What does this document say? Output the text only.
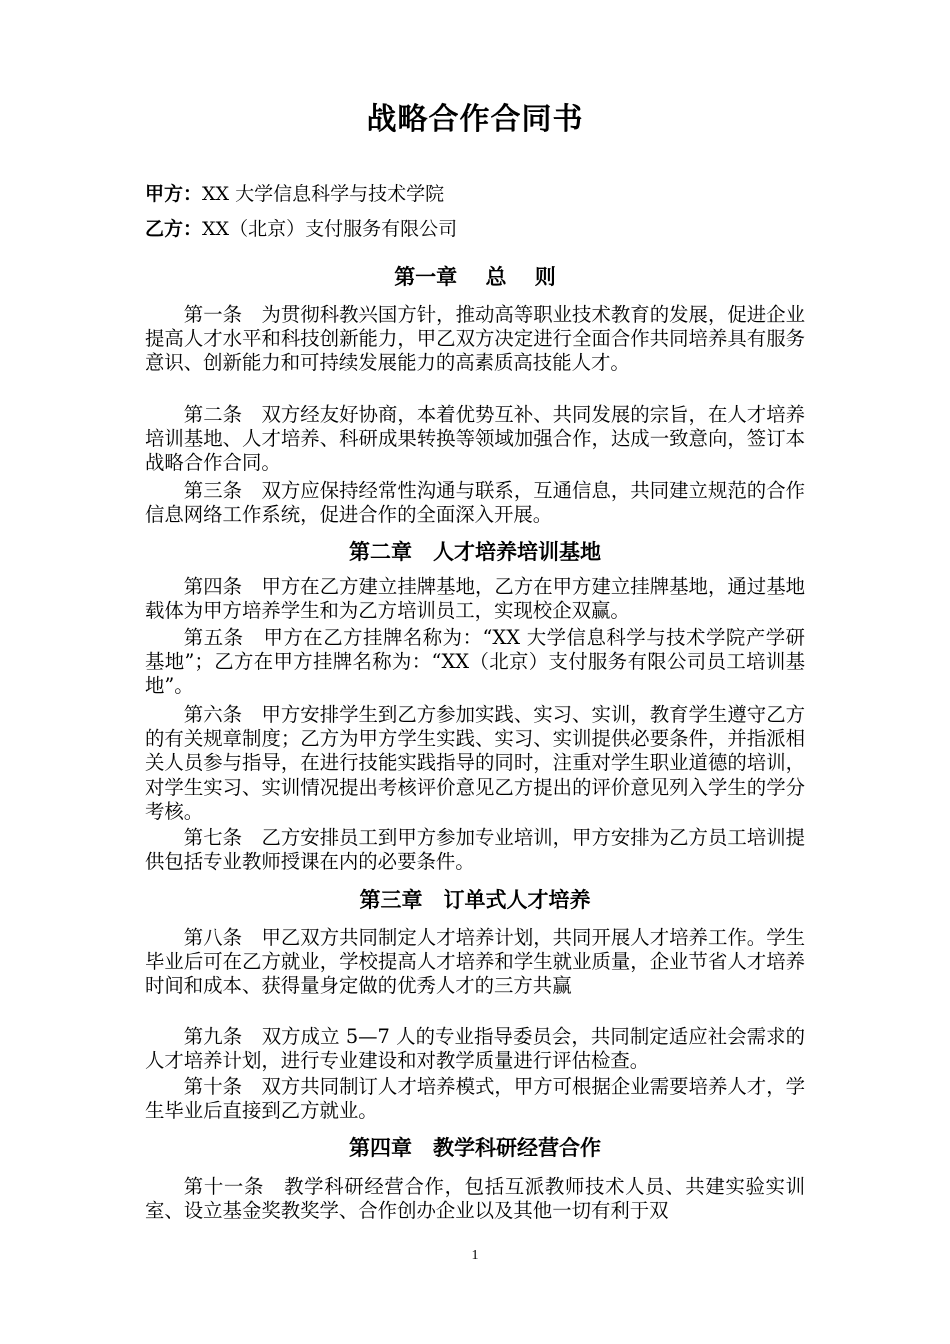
战略合作合同书
甲方：XX 大学信息科学与技术学院
乙方：XX（北京）支付服务有限公司
第一章　 总　 则
第一条　为贯彻科教兴国方针，推动高等职业技术教育的发展，促进企业提高人才水平和科技创新能力，甲乙双方决定进行全面合作共同培养具有服务意识、创新能力和可持续发展能力的高素质高技能人才。
第二条　双方经友好协商，本着优势互补、共同发展的宗旨，在人才培养培训基地、人才培养、科研成果转换等领域加强合作，达成一致意向，签订本战略合作合同。
第三条　双方应保持经常性沟通与联系，互通信息，共同建立规范的合作信息网络工作系统，促进合作的全面深入开展。
第二章　人才培养培训基地
第四条　甲方在乙方建立挂牌基地，乙方在甲方建立挂牌基地，通过基地载体为甲方培养学生和为乙方培训员工，实现校企双赢。
第五条　甲方在乙方挂牌名称为：“XX 大学信息科学与技术学院产学研基地”；乙方在甲方挂牌名称为：“XX（北京）支付服务有限公司员工培训基地”。
第六条　甲方安排学生到乙方参加实践、实习、实训，教育学生遵守乙方的有关规章制度；乙方为甲方学生实践、实习、实训提供必要条件，并指派相关人员参与指导，在进行技能实践指导的同时，注重对学生职业道德的培训，对学生实习、实训情况提出考核评价意见乙方提出的评价意见列入学生的学分考核。
第七条　乙方安排员工到甲方参加专业培训，甲方安排为乙方员工培训提供包括专业教师授课在内的必要条件。
第三章　订单式人才培养
第八条　甲乙双方共同制定人才培养计划，共同开展人才培养工作。学生毕业后可在乙方就业，学校提高人才培养和学生就业质量，企业节省人才培养时间和成本、获得量身定做的优秀人才的三方共赢
第九条　双方成立 5—7 人的专业指导委员会，共同制定适应社会需求的人才培养计划，进行专业建设和对教学质量进行评估检查。
第十条　双方共同制订人才培养模式，甲方可根据企业需要培养人才，学生毕业后直接到乙方就业。
第四章　教学科研经营合作
第十一条　教学科研经营合作，包括互派教师技术人员、共建实验实训室、设立基金奖教奖学、合作创办企业以及其他一切有利于双
1
